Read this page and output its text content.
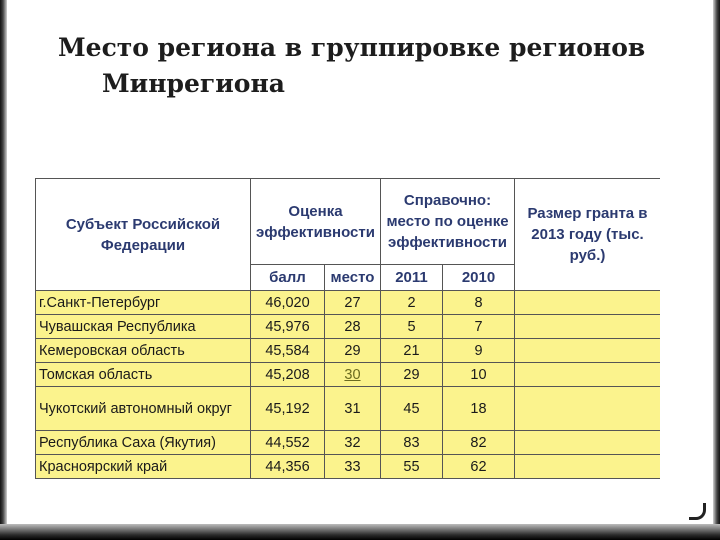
Место региона в группировке регионов
Минрегиона
Субъект Российской Федерации	Оценка эффективности		Справочно: место по оценке эффективности		Размер гранта в 2013 году (тыс. руб.)
	балл	место	2011	2010	
г.Санкт-Петербург	46,020	27	2	8	
Чувашская Республика	45,976	28	5	7	
Кемеровская область	45,584	29	21	9	
Томская область	45,208	30	29	10	
Чукотский автономный округ	45,192	31	45	18	
Республика Саха (Якутия)	44,552	32	83	82	
Красноярский край	44,356	33	55	62	
